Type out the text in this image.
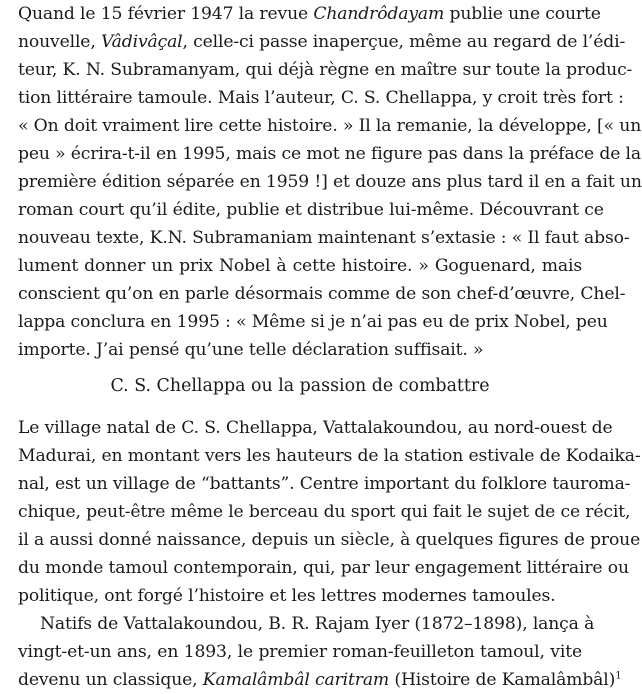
Quand le 15 février 1947 la revue Chandrôdayam publie une courte
nouvelle, Vâdivâçal, celle-ci passe inaperçue, même au regard de l’édi-
teur, K. N. Subramanyam, qui déjà règne en maître sur toute la produc-
tion littéraire tamoule. Mais l’auteur, C. S. Chellappa, y croit très fort :
« On doit vraiment lire cette histoire. » Il la remanie, la développe, [« un
peu » écrira-t-il en 1995, mais ce mot ne figure pas dans la préface de la
première édition séparée en 1959 !] et douze ans plus tard il en a fait un
roman court qu’il édite, publie et distribue lui-même. Découvrant ce
nouveau texte, K.N. Subramaniam maintenant s’extasie : « Il faut abso-
lument donner un prix Nobel à cette histoire. » Goguenard, mais
conscient qu’on en parle désormais comme de son chef-d’œuvre, Chel-
lappa conclura en 1995 : « Même si je n’ai pas eu de prix Nobel, peu
importe. J’ai pensé qu’une telle déclaration suffisait. »
C. S. Chellappa ou la passion de combattre
Le village natal de C. S. Chellappa, Vattalakoundou, au nord-ouest de
Madurai, en montant vers les hauteurs de la station estivale de Kodaika-
nal, est un village de “battants”. Centre important du folklore tauroma-
chique, peut-être même le berceau du sport qui fait le sujet de ce récit,
il a aussi donné naissance, depuis un siècle, à quelques figures de proue
du monde tamoul contemporain, qui, par leur engagement littéraire ou
politique, ont forgé l’histoire et les lettres modernes tamoules.
Natifs de Vattalakoundou, B. R. Rajam Iyer (1872–1898), lança à
vingt-et-un ans, en 1893, le premier roman-feuilleton tamoul, vite
devenu un classique, Kamalâmbâl caritram (Histoire de Kamalâmbâl)$^1$
